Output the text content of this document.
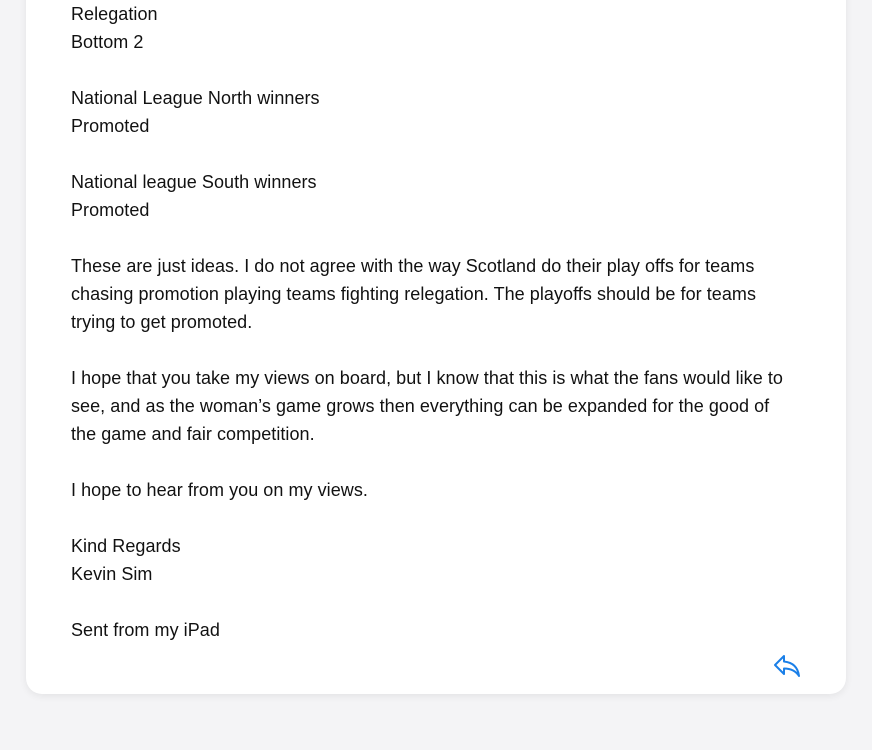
Relegation
Bottom 2

National League North winners
Promoted

National league South winners
Promoted

These are just ideas. I do not agree with the way Scotland do their play offs for teams
chasing promotion playing teams fighting relegation. The playoffs should be for teams
trying to get promoted.

I hope that you take my views on board, but I know that this is what the fans would like to
see, and as the woman’s game grows then everything can be expanded for the good of
the game and fair competition.

I hope to hear from you on my views.

Kind Regards
Kevin Sim

Sent from my iPad
